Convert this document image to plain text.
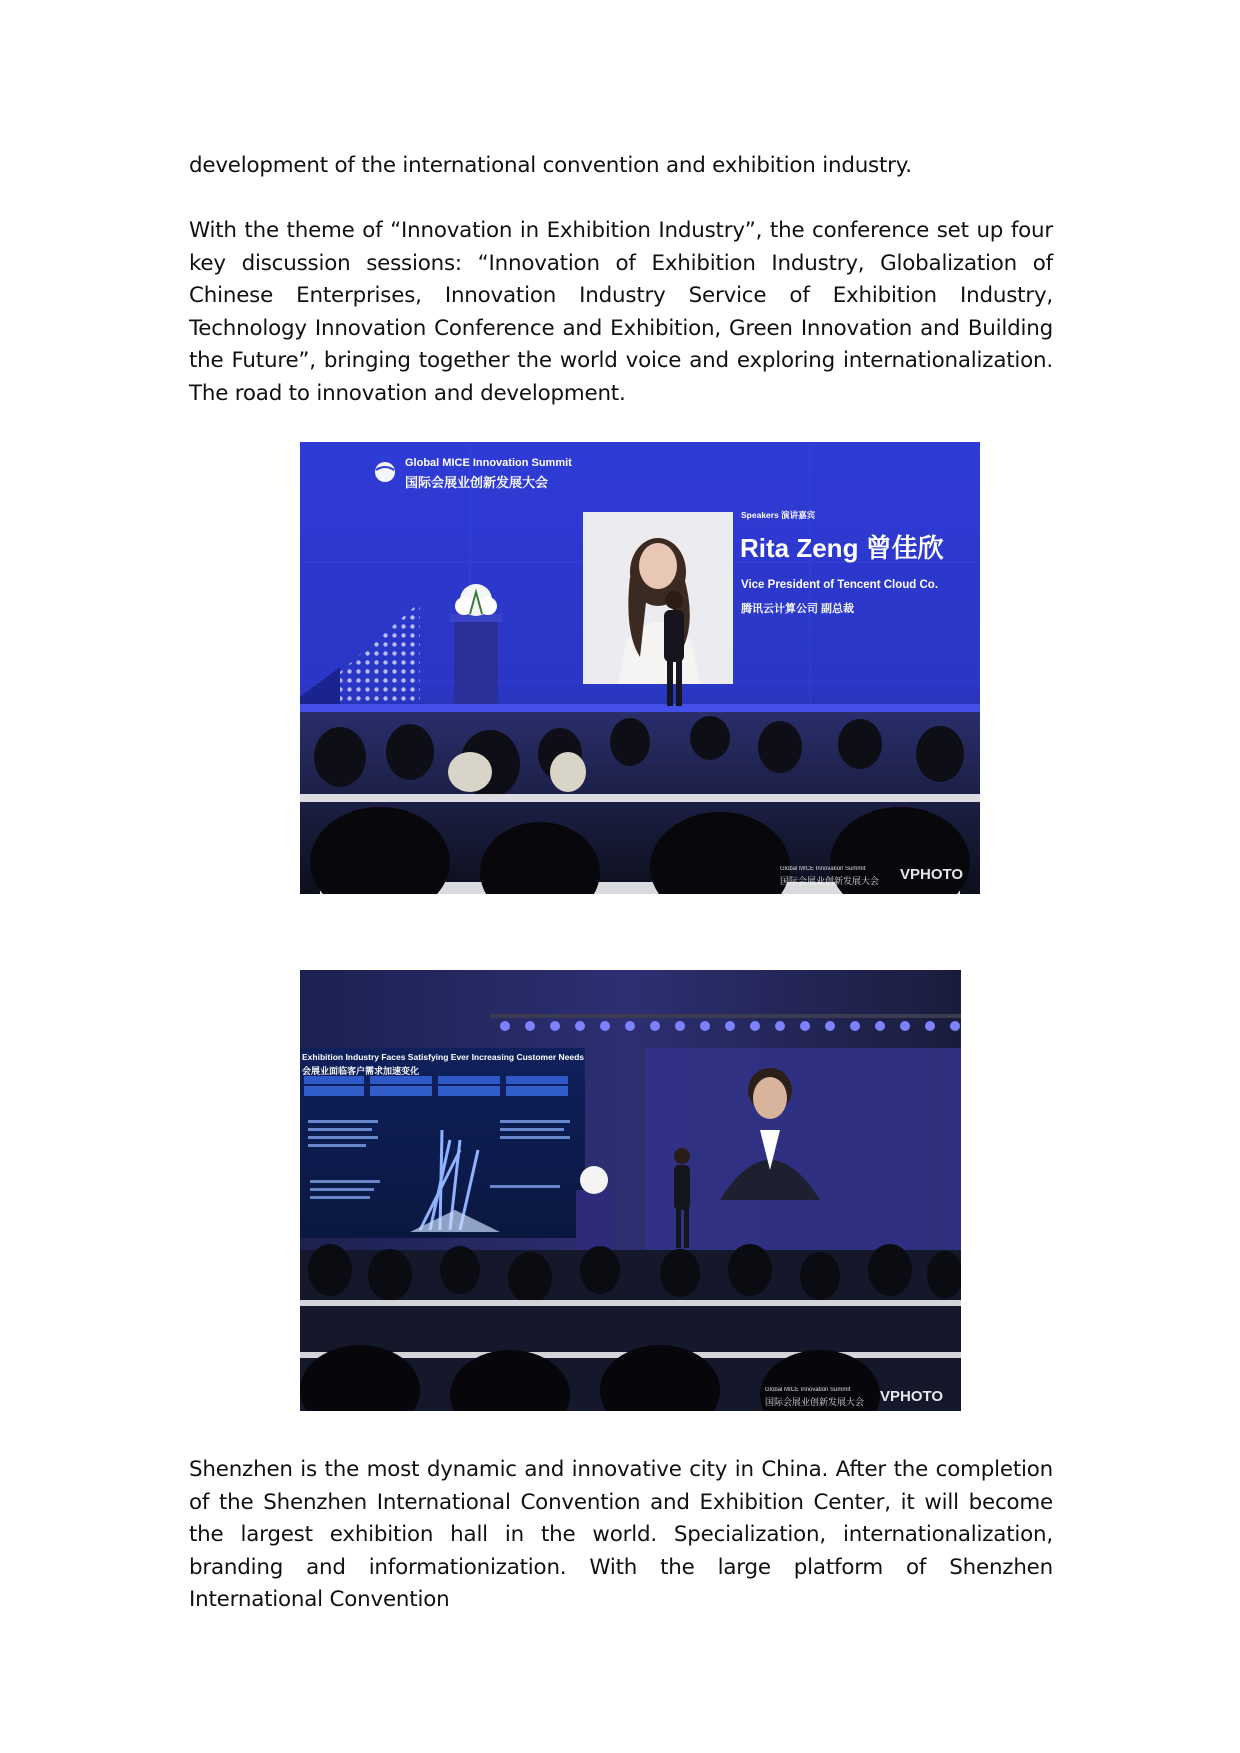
development of the international convention and exhibition industry.

With the theme of “Innovation in Exhibition Industry”, the conference set up four key discussion sessions: “Innovation of Exhibition Industry, Globalization of Chinese Enterprises, Innovation Industry Service of Exhibition Industry, Technology Innovation Conference and Exhibition, Green Innovation and Building the Future”, bringing together the world voice and exploring internationalization. The road to innovation and development.

Global MICE Innovation Summit
国际会展业创新发展大会
Speakers 演讲嘉宾
Rita Zeng 曾佳欣
Vice President of Tencent Cloud Co.
腾讯云计算公司 副总裁
Global MICE Innovation Summit
国际会展业创新发展大会 VPHOTO
Exhibition Industry Faces Satisfying Ever Increasing Customer Needs
会展业面临客户需求加速变化
Global MICE Innovation Summit
国际会展业创新发展大会 VPHOTO

Shenzhen is the most dynamic and innovative city in China. After the completion of the Shenzhen International Convention and Exhibition Center, it will become the largest exhibition hall in the world. Specialization, internationalization, branding and informationization. With the large platform of Shenzhen International Convention
